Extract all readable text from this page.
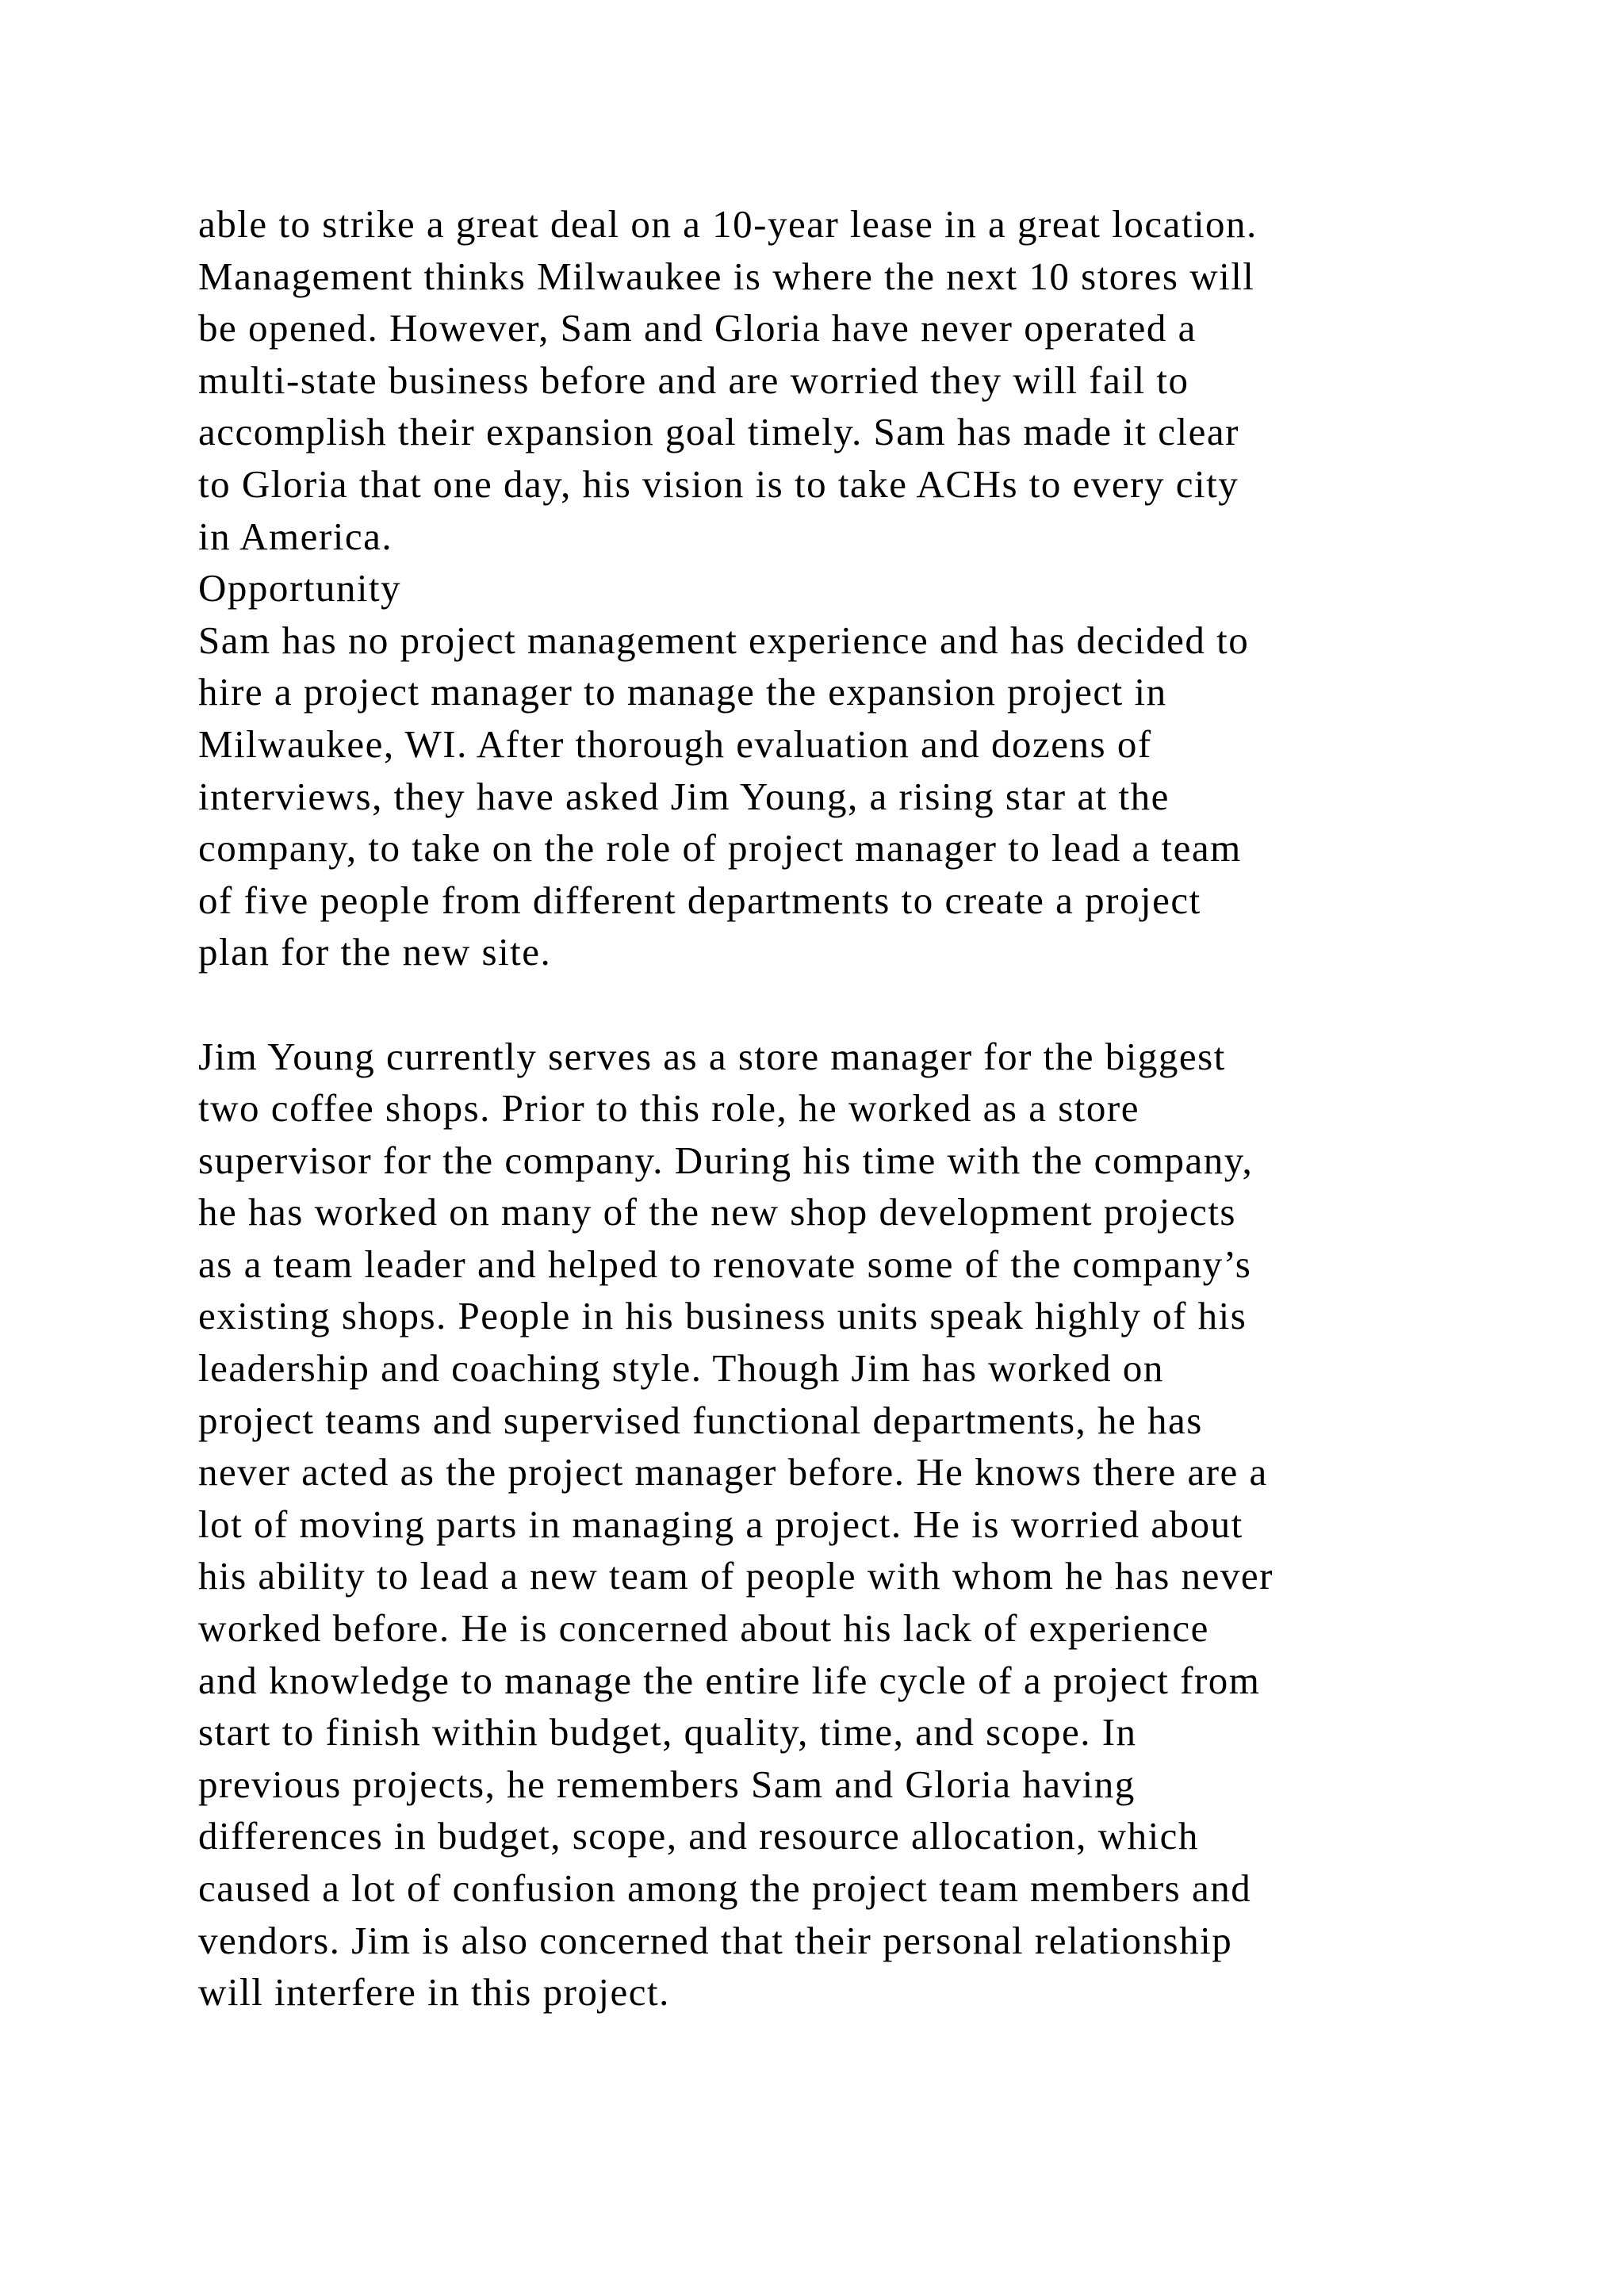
able to strike a great deal on a 10-year lease in a great location.
Management thinks Milwaukee is where the next 10 stores will
be opened. However, Sam and Gloria have never operated a
multi-state business before and are worried they will fail to
accomplish their expansion goal timely. Sam has made it clear
to Gloria that one day, his vision is to take ACHs to every city
in America.
Opportunity
Sam has no project management experience and has decided to
hire a project manager to manage the expansion project in
Milwaukee, WI. After thorough evaluation and dozens of
interviews, they have asked Jim Young, a rising star at the
company, to take on the role of project manager to lead a team
of five people from different departments to create a project
plan for the new site.
Jim Young currently serves as a store manager for the biggest
two coffee shops. Prior to this role, he worked as a store
supervisor for the company. During his time with the company,
he has worked on many of the new shop development projects
as a team leader and helped to renovate some of the company’s
existing shops. People in his business units speak highly of his
leadership and coaching style. Though Jim has worked on
project teams and supervised functional departments, he has
never acted as the project manager before. He knows there are a
lot of moving parts in managing a project. He is worried about
his ability to lead a new team of people with whom he has never
worked before. He is concerned about his lack of experience
and knowledge to manage the entire life cycle of a project from
start to finish within budget, quality, time, and scope. In
previous projects, he remembers Sam and Gloria having
differences in budget, scope, and resource allocation, which
caused a lot of confusion among the project team members and
vendors. Jim is also concerned that their personal relationship
will interfere in this project.
